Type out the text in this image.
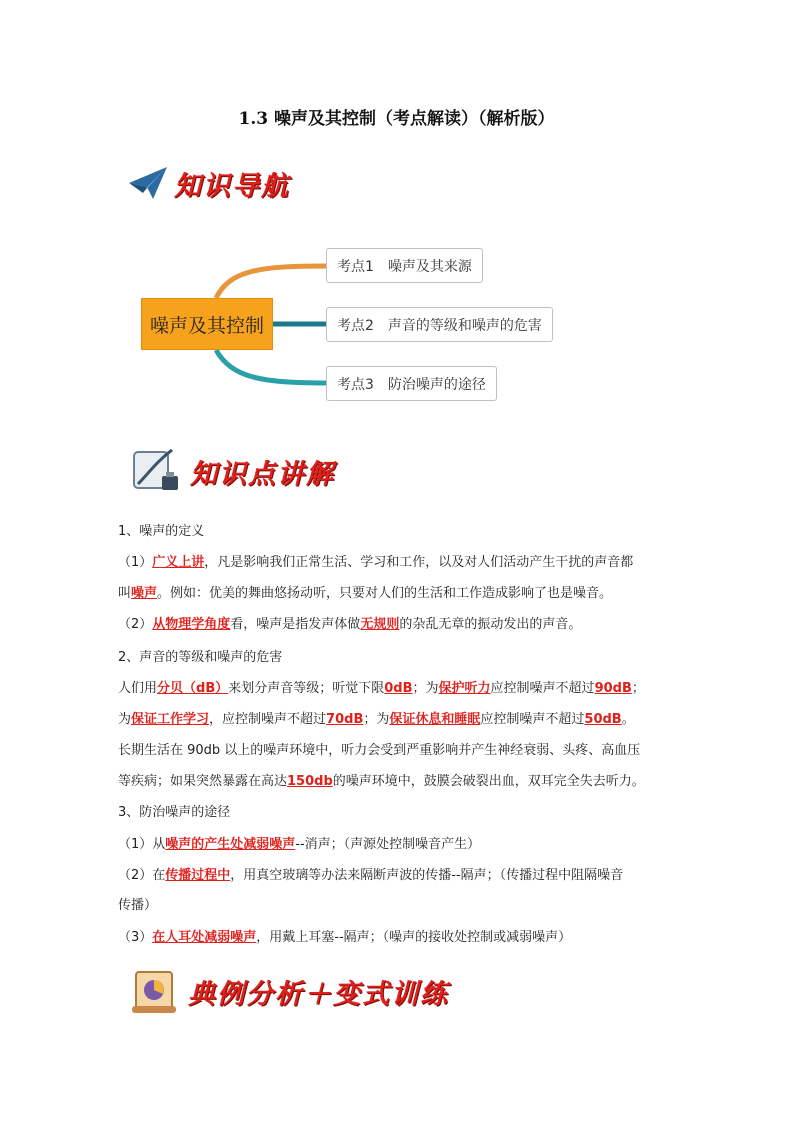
1.3 噪声及其控制（考点解读）（解析版）
知识导航
噪声及其控制
考点1 噪声及其来源
考点2 声音的等级和噪声的危害
考点3 防治噪声的途径
知识点讲解
1、噪声的定义
（1）广义上讲，凡是影响我们正常生活、学习和工作，以及对人们活动产生干扰的声音都
叫噪声。例如：优美的舞曲悠扬动听，只要对人们的生活和工作造成影响了也是噪音。
（2）从物理学角度看，噪声是指发声体做无规则的杂乱无章的振动发出的声音。
2、声音的等级和噪声的危害
人们用分贝（dB）来划分声音等级；听觉下限0dB；为保护听力应控制噪声不超过90dB；
为保证工作学习，应控制噪声不超过70dB；为保证休息和睡眠应控制噪声不超过50dB。
长期生活在 90db 以上的噪声环境中，听力会受到严重影响并产生神经衰弱、头疼、高血压
等疾病；如果突然暴露在高达150db的噪声环境中，鼓膜会破裂出血，双耳完全失去听力。
3、防治噪声的途径
（1）从噪声的产生处减弱噪声--消声；（声源处控制噪音产生）
（2）在传播过程中，用真空玻璃等办法来隔断声波的传播--隔声；（传播过程中阻隔噪音
传播）
（3）在人耳处减弱噪声，用戴上耳塞--隔声；（噪声的接收处控制或减弱噪声）
典例分析＋变式训练
